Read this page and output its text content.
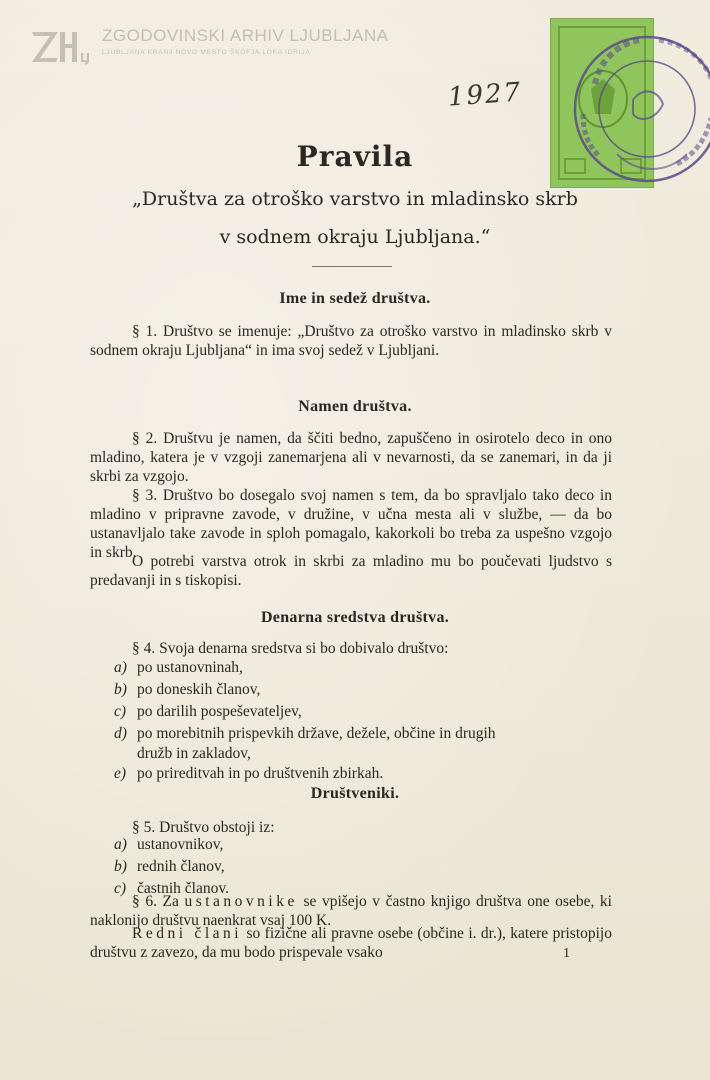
LJ
ZGODOVINSKI ARHIV LJUBLJANA
LJUBLJANA KRANJ NOVO MESTO ŠKOFJA LOKA IDRIJA
1927
Pravila
„Društva za otroško varstvo in mladinsko skrb
v sodnem okraju Ljubljana.“
Ime in sedež društva.
§ 1. Društvo se imenuje: „Društvo za otroško varstvo in mladinsko skrb v sodnem okraju Ljubljana“ in ima svoj sedež v Ljubljani.
Namen društva.
§ 2. Društvu je namen, da ščiti bedno, zapuščeno in osirotelo deco in ono mladino, katera je v vzgoji zanemarjena ali v nevarnosti, da se zanemari, in da ji skrbi za vzgojo.
§ 3. Društvo bo dosegalo svoj namen s tem, da bo spravljalo tako deco in mladino v pripravne zavode, v družine, v učna mesta ali v službe, — da bo ustanavljalo take zavode in sploh pomagalo, kakorkoli bo treba za uspešno vzgojo in skrb.
O potrebi varstva otrok in skrbi za mladino mu bo poučevati ljudstvo s predavanji in s tiskopisi.
Denarna sredstva društva.
§ 4. Svoja denarna sredstva si bo dobivalo društvo:
a) po ustanovninah,
b) po doneskih članov,
c) po darilih pospeševateljev,
d) po morebitnih prispevkih države, dežele, občine in drugih
družb in zakladov,
e) po prireditvah in po društvenih zbirkah.
Društveniki.
§ 5. Društvo obstoji iz:
a) ustanovnikov,
b) rednih članov,
c) častnih članov.
§ 6. Za ustanovnike se vpišejo v častno knjigo društva one osebe, ki naklonijo društvu naenkrat vsaj 100 K.
Redni člani so fizične ali pravne osebe (občine i. dr.), katere pristopijo društvu z zavezo, da mu bodo prispevale vsako	1
